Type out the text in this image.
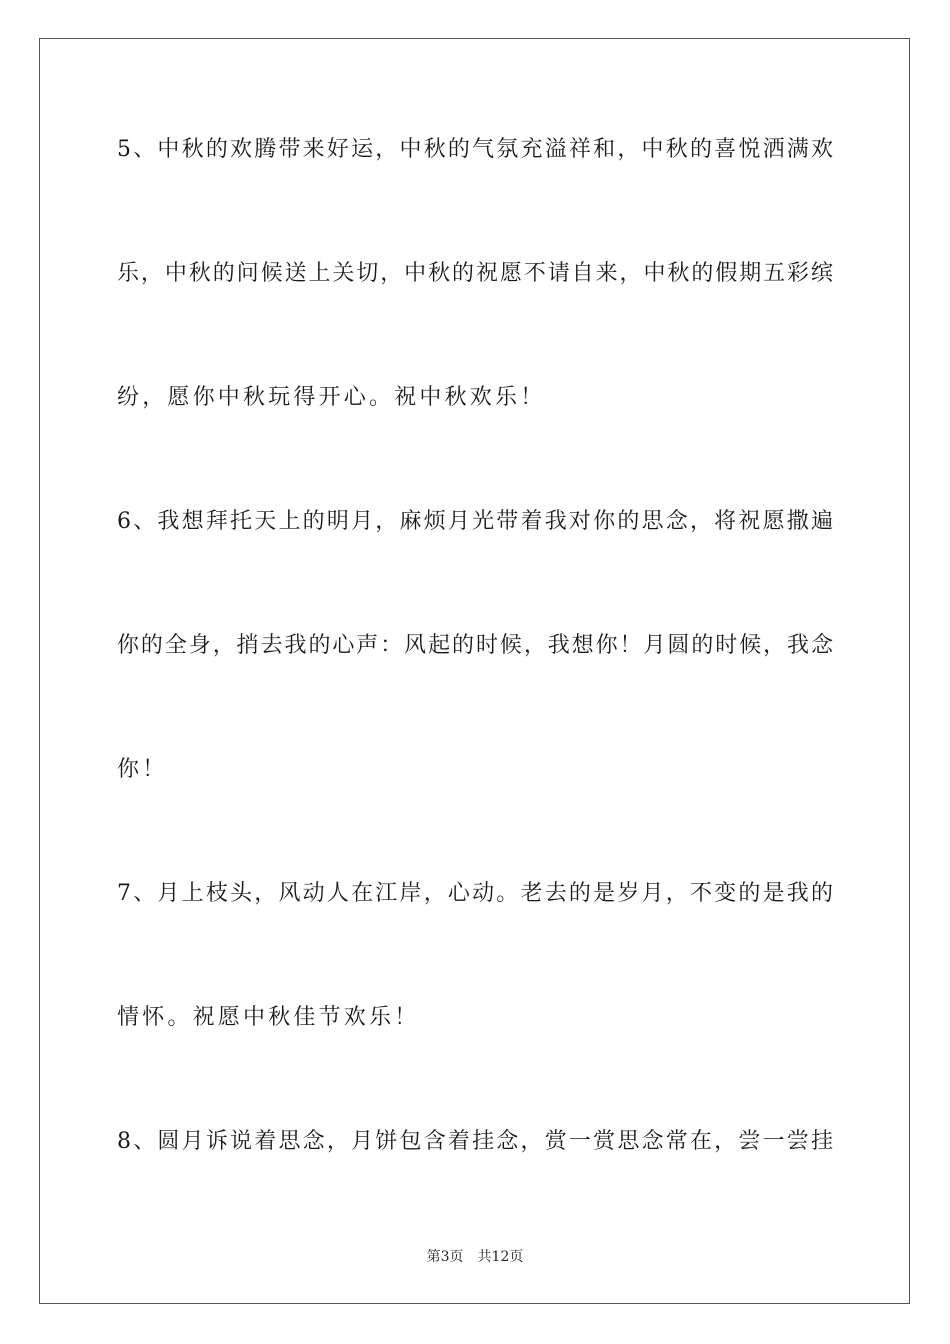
5、中秋的欢腾带来好运，中秋的气氛充溢祥和，中秋的喜悦洒满欢
乐，中秋的问候送上关切，中秋的祝愿不请自来，中秋的假期五彩缤
纷，愿你中秋玩得开心。祝中秋欢乐！
6、我想拜托天上的明月，麻烦月光带着我对你的思念，将祝愿撒遍
你的全身，捎去我的心声：风起的时候，我想你！月圆的时候，我念
你！
7、月上枝头，风动人在江岸，心动。老去的是岁月，不变的是我的
情怀。祝愿中秋佳节欢乐！
8、圆月诉说着思念，月饼包含着挂念，赏一赏思念常在，尝一尝挂
第3页 共12页
